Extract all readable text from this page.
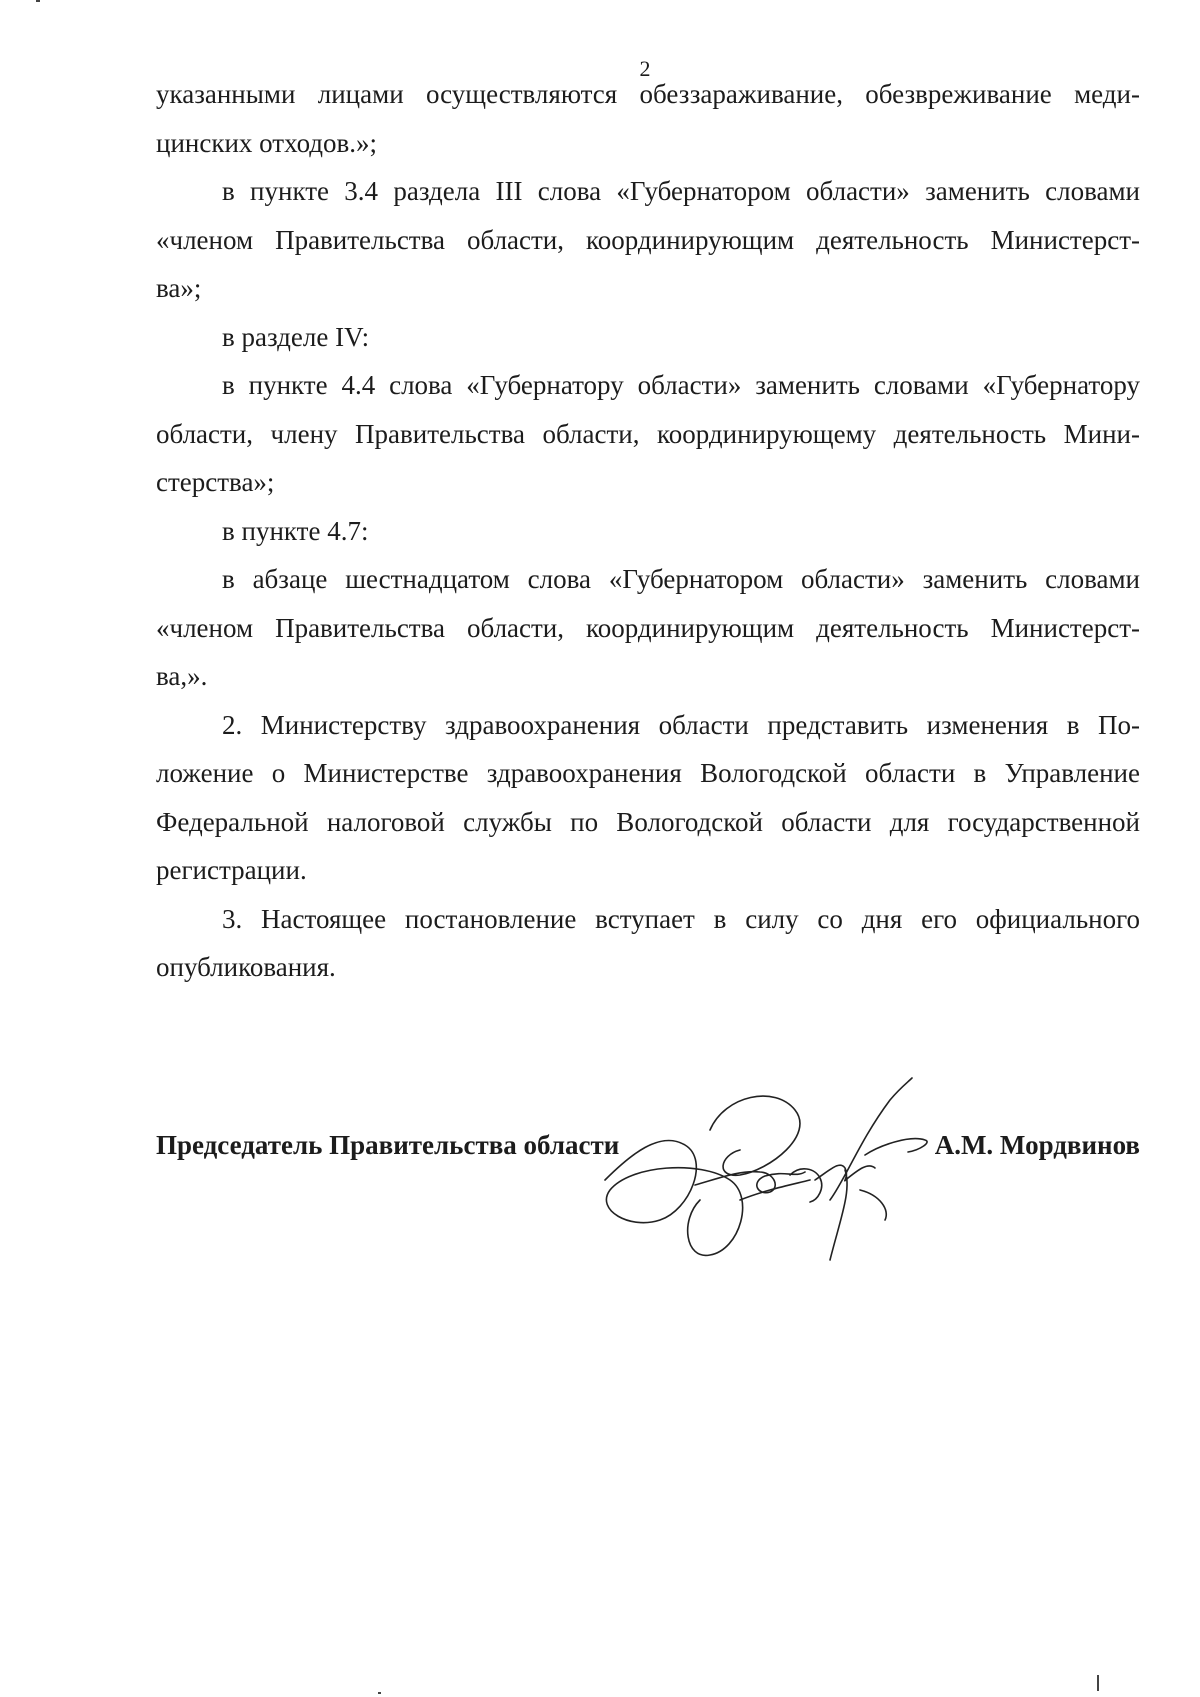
2

указанными лицами осуществляются обеззараживание, обезвреживание меди-

цинских отходов.»;

в пункте 3.4 раздела III слова «Губернатором области» заменить словами

«членом Правительства области, координирующим деятельность Министерст-

ва»;

в разделе IV:

в пункте 4.4 слова «Губернатору области» заменить словами «Губернатору

области, члену Правительства области, координирующему деятельность Мини-

стерства»;

в пункте 4.7:

в абзаце шестнадцатом слова «Губернатором области» заменить словами

«членом Правительства области, координирующим деятельность Министерст-

ва,».

2. Министерству здравоохранения области представить изменения в По-

ложение о Министерстве здравоохранения Вологодской области в Управление

Федеральной налоговой службы по Вологодской области для государственной

регистрации.

3. Настоящее постановление вступает в силу со дня его официального

опубликования.

Председатель Правительства области	А.М. Мордвинов
